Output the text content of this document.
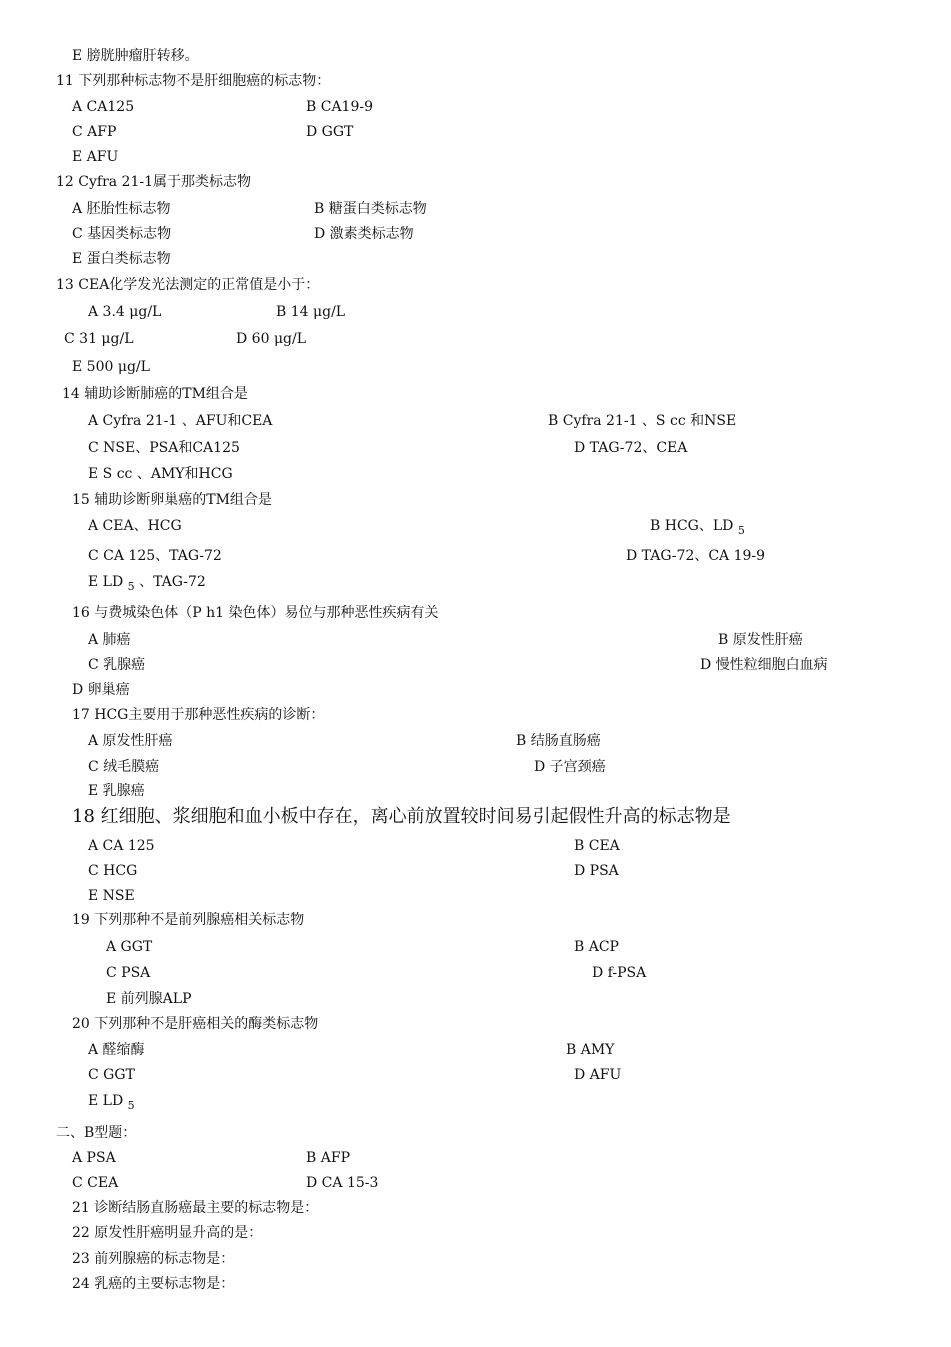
E 膀胱肿瘤肝转移。
11 下列那种标志物不是肝细胞癌的标志物：
A CA125	B CA19-9
C AFP	D GGT
E AFU
12 Cyfra 21-1属于那类标志物
A 胚胎性标志物	B 糖蛋白类标志物
C 基因类标志物	D 激素类标志物
E 蛋白类标志物
13 CEA化学发光法测定的正常值是小于：
A 3.4 μg/L	B 14 μg/L
C 31 μg/L	D 60 μg/L
E 500 μg/L
14 辅助诊断肺癌的TM组合是
A Cyfra 21-1 、AFU和CEA	B Cyfra 21-1 、S cc 和NSE
C NSE、PSA和CA125	D TAG-72、CEA
E S cc 、AMY和HCG
15 辅助诊断卵巢癌的TM组合是
A CEA、HCG	B HCG、LD $_5$
C CA 125、TAG-72	D TAG-72、CA 19-9
E LD $_5$ 、TAG-72
16 与费城染色体（P h1 染色体）易位与那种恶性疾病有关
A 肺癌	B 原发性肝癌
C 乳腺癌	D 慢性粒细胞白血病
D 卵巢癌
17 HCG主要用于那种恶性疾病的诊断：
A 原发性肝癌	B 结肠直肠癌
C 绒毛膜癌	D 子宫颈癌
E 乳腺癌
18 红细胞、浆细胞和血小板中存在，离心前放置较时间易引起假性升高的标志物是
A CA 125	B CEA
C HCG	D PSA
E NSE
19 下列那种不是前列腺癌相关标志物
A GGT	B ACP
C PSA	D f-PSA
E 前列腺ALP
20 下列那种不是肝癌相关的酶类标志物
A 醛缩酶	B AMY
C GGT	D AFU
E LD $_5$
二、B型题：
A PSA	B AFP
C CEA	D CA 15-3
21 诊断结肠直肠癌最主要的标志物是：
22 原发性肝癌明显升高的是：
23 前列腺癌的标志物是：
24 乳癌的主要标志物是：
